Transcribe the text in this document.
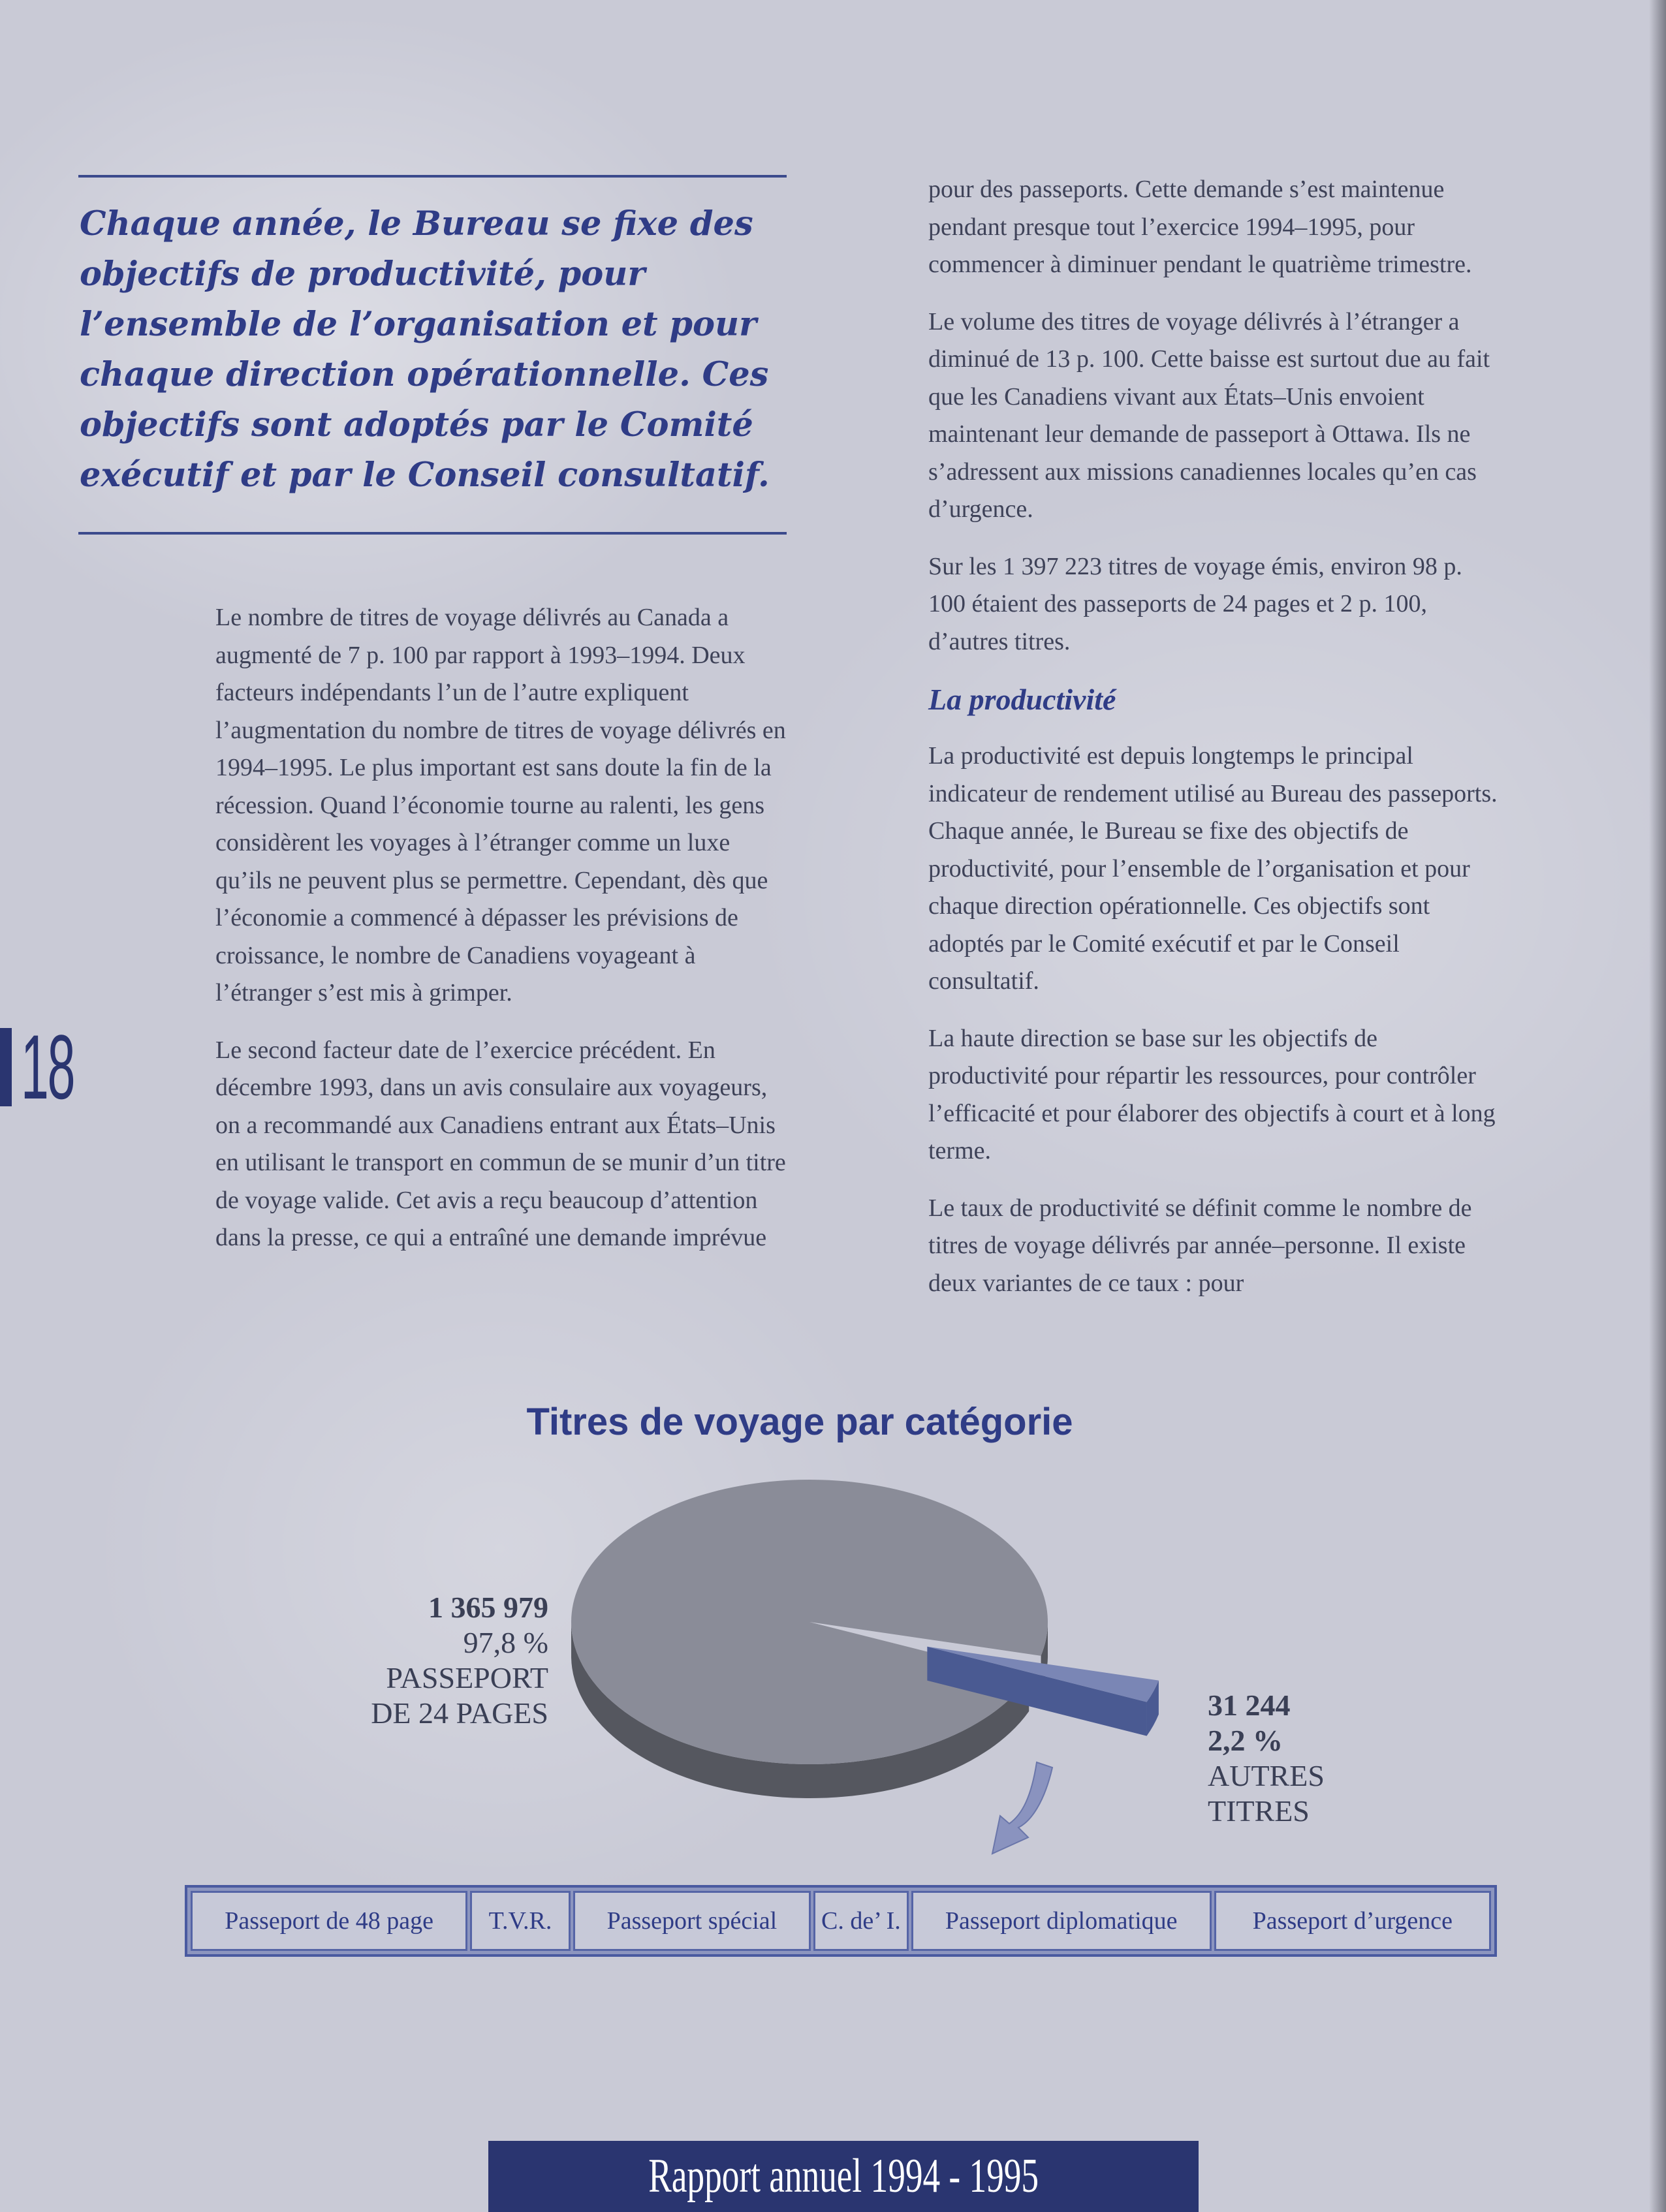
Chaque année, le Bureau se fixe des objectifs de productivité, pour l’ensemble de l’organisation et pour chaque direction opérationnelle. Ces objectifs sont adoptés par le Comité exécutif et par le Conseil consultatif.

Le nombre de titres de voyage délivrés au Canada a augmenté de 7 p. 100 par rapport à 1993–1994. Deux facteurs indépendants l’un de l’autre expliquent l’augmentation du nombre de titres de voyage délivrés en 1994–1995. Le plus important est sans doute la fin de la récession. Quand l’économie tourne au ralenti, les gens considèrent les voyages à l’étranger comme un luxe qu’ils ne peuvent plus se permettre. Cependant, dès que l’économie a commencé à dépasser les prévisions de croissance, le nombre de Canadiens voyageant à l’étranger s’est mis à grimper.

Le second facteur date de l’exercice précédent. En décembre 1993, dans un avis consulaire aux voyageurs, on a recommandé aux Canadiens entrant aux États–Unis en utilisant le transport en commun de se munir d’un titre de voyage valide. Cet avis a reçu beaucoup d’attention dans la presse, ce qui a entraîné une demande imprévue

pour des passeports. Cette demande s’est maintenue pendant presque tout l’exercice 1994–1995, pour commencer à diminuer pendant le quatrième trimestre.

Le volume des titres de voyage délivrés à l’étranger a diminué de 13 p. 100. Cette baisse est surtout due au fait que les Canadiens vivant aux États–Unis envoient maintenant leur demande de passeport à Ottawa. Ils ne s’adressent aux missions canadiennes locales qu’en cas d’urgence.

Sur les 1 397 223 titres de voyage émis, environ 98 p. 100 étaient des passeports de 24 pages et 2 p. 100, d’autres titres.

La productivité

La productivité est depuis longtemps le principal indicateur de rendement utilisé au Bureau des passeports. Chaque année, le Bureau se fixe des objectifs de productivité, pour l’ensemble de l’organisation et pour chaque direction opérationnelle. Ces objectifs sont adoptés par le Comité exécutif et par le Conseil consultatif.

La haute direction se base sur les objectifs de productivité pour répartir les ressources, pour contrôler l’efficacité et pour élaborer des objectifs à court et à long terme.

Le taux de productivité se définit comme le nombre de titres de voyage délivrés par année–personne. Il existe deux variantes de ce taux : pour

18
Titres de voyage par catégorie
1 365 979
97,8 %
PASSEPORT
DE 24 PAGES	31 244
2,2 %
AUTRES
TITRES
Passeport de 48 page	T.V.R.	Passeport spécial	C. de’ I.	Passeport diplomatique	Passeport d’urgence
Rapport annuel 1994 - 1995
